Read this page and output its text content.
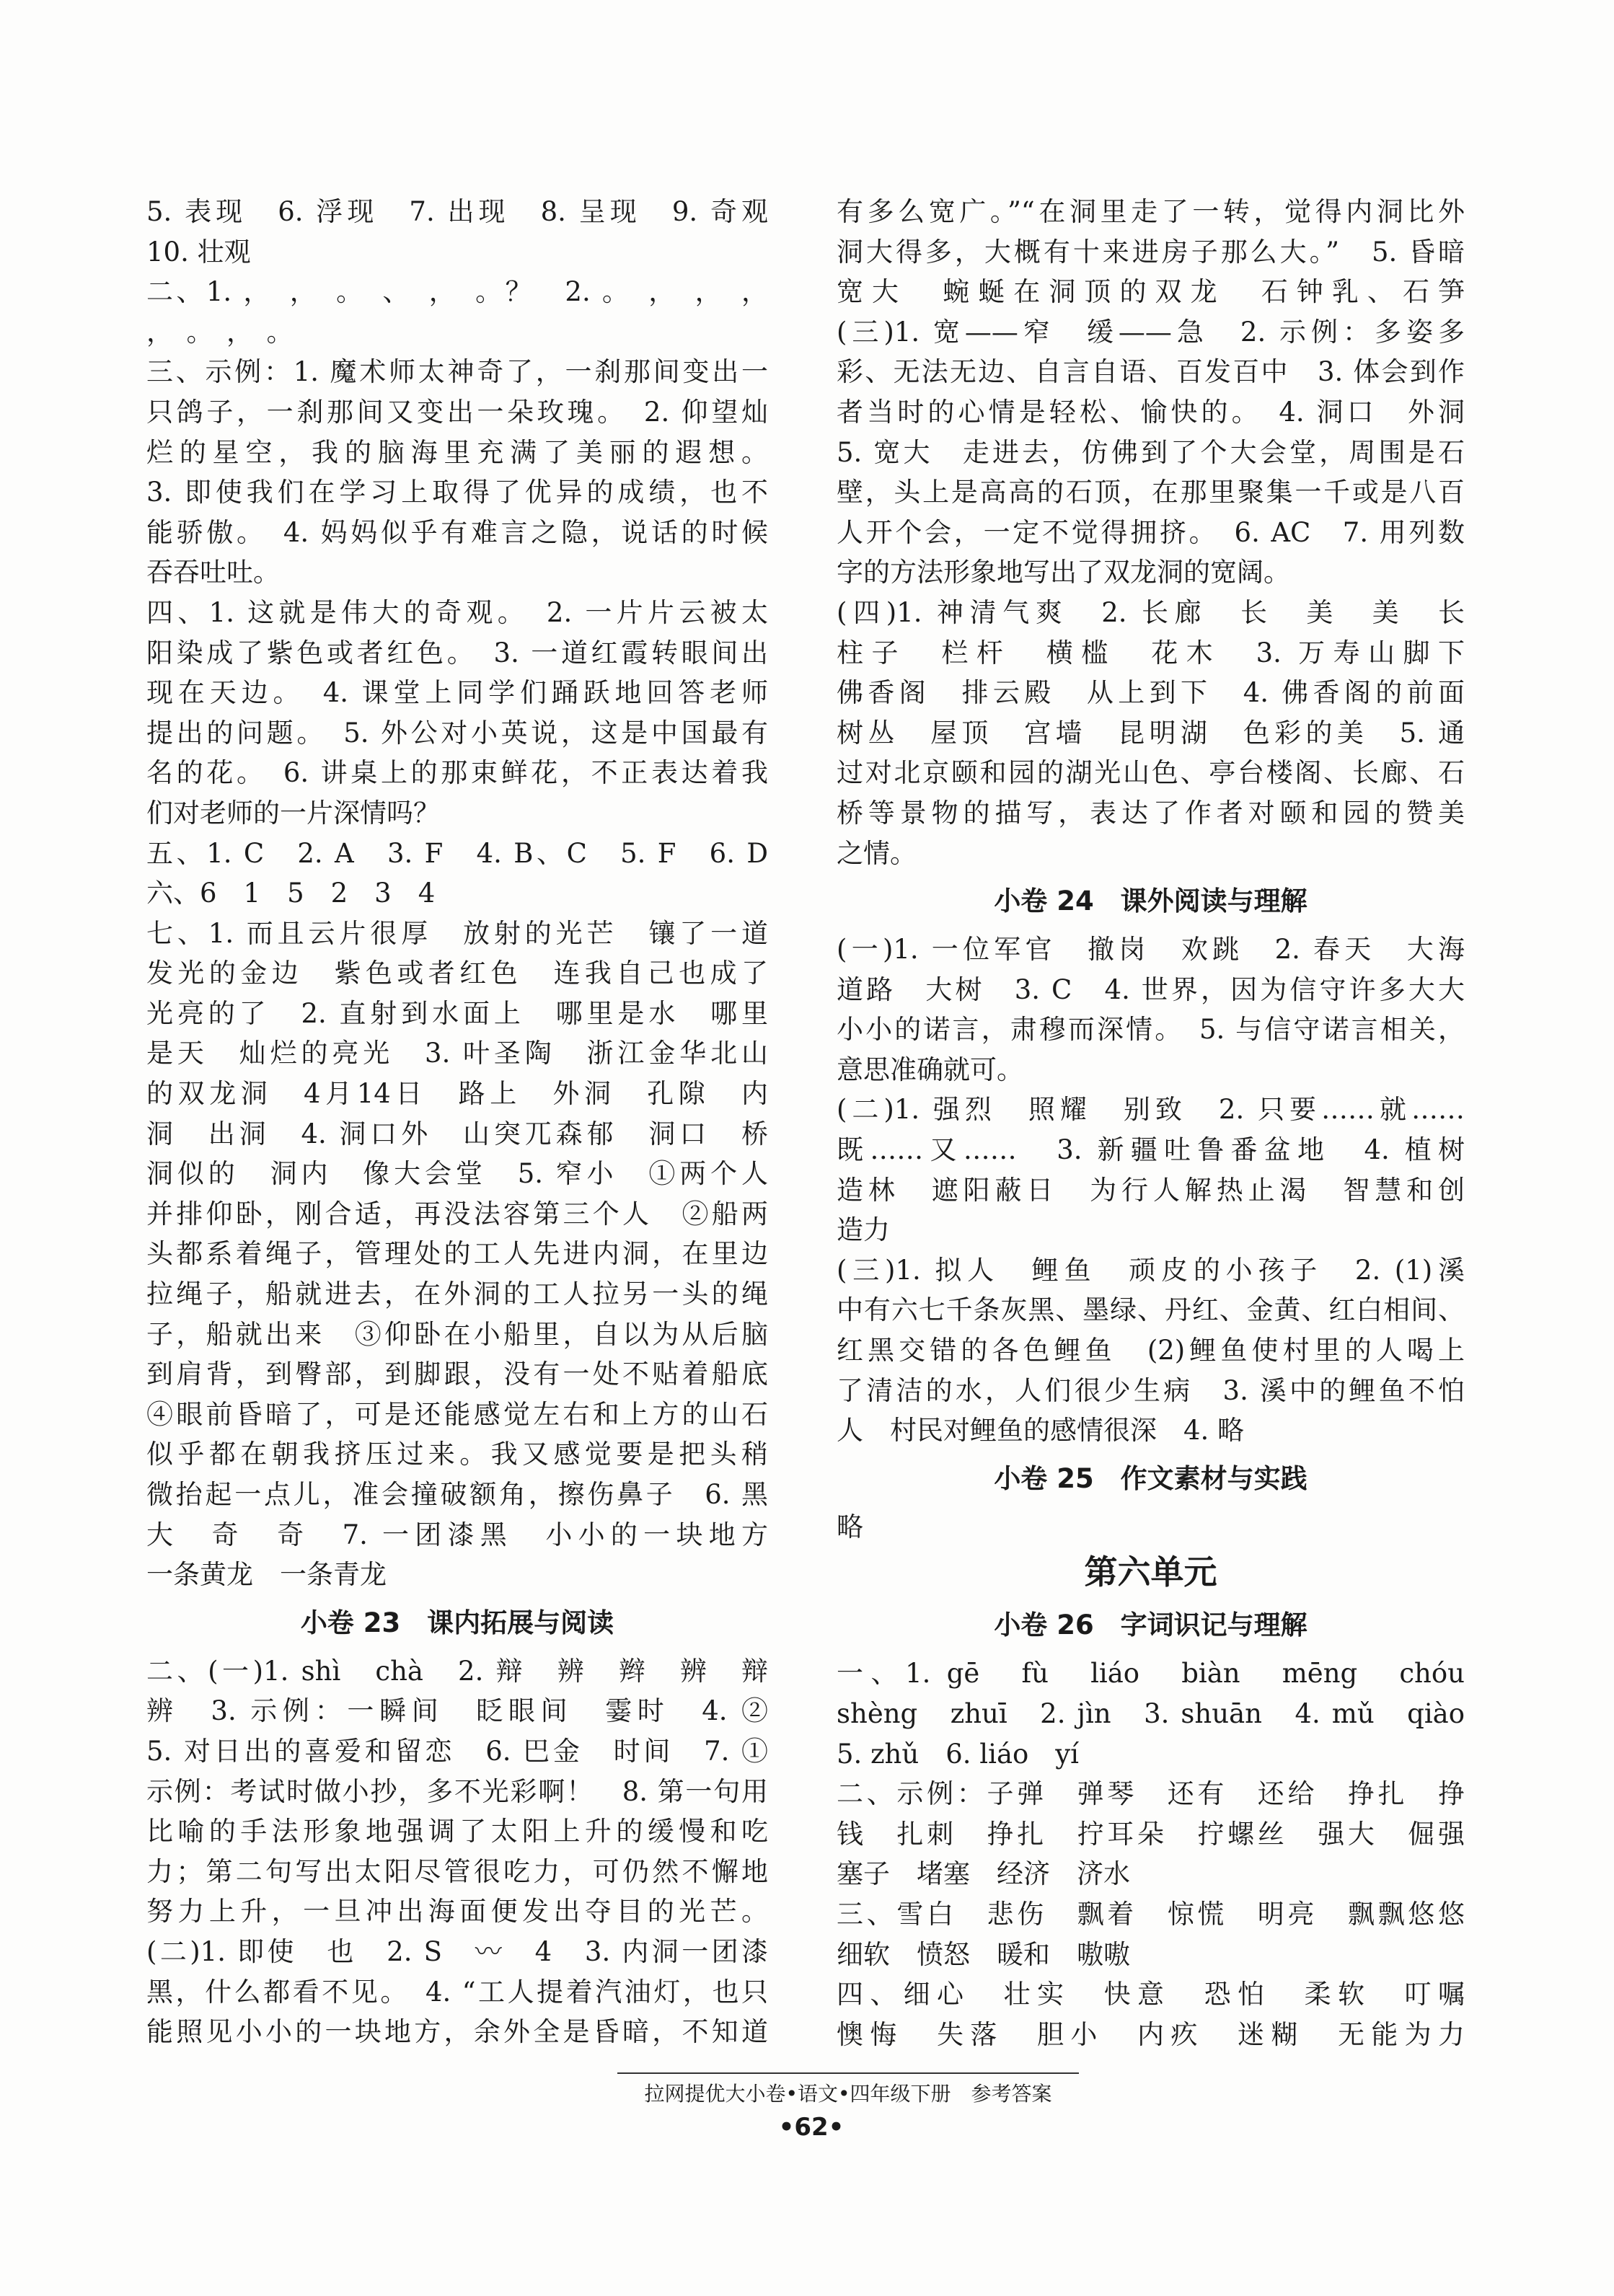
5. 表现　6. 浮现　7. 出现　8. 呈现　9. 奇观
10. 壮观
二、1. ，　，　。　、　，　。？　2. 。　，　，　，
，　。　，　。
三、示例：1. 魔术师太神奇了，一刹那间变出一
只鸽子，一刹那间又变出一朵玫瑰。　2. 仰望灿
烂的星空，我的脑海里充满了美丽的遐想。
3. 即使我们在学习上取得了优异的成绩，也不
能骄傲。　4. 妈妈似乎有难言之隐，说话的时候
吞吞吐吐。
四、1. 这就是伟大的奇观。　2. 一片片云被太
阳染成了紫色或者红色。　3. 一道红霞转眼间出
现在天边。　4. 课堂上同学们踊跃地回答老师
提出的问题。　5. 外公对小英说，这是中国最有
名的花。　6. 讲桌上的那束鲜花，不正表达着我
们对老师的一片深情吗？
五、1. C　2. A　3. F　4. B、C　5. F　6. D
六、6　1　5　2　3　4
七、1. 而且云片很厚　放射的光芒　镶了一道
发光的金边　紫色或者红色　连我自己也成了
光亮的了　2. 直射到水面上　哪里是水　哪里
是天　灿烂的亮光　3. 叶圣陶　浙江金华北山
的双龙洞　4月14日　路上　外洞　孔隙　内
洞　出洞　4. 洞口外　山突兀森郁　洞口　桥
洞似的　洞内　像大会堂　5. 窄小　①两个人
并排仰卧，刚合适，再没法容第三个人　②船两
头都系着绳子，管理处的工人先进内洞，在里边
拉绳子，船就进去，在外洞的工人拉另一头的绳
子，船就出来　③仰卧在小船里，自以为从后脑
到肩背，到臀部，到脚跟，没有一处不贴着船底
④眼前昏暗了，可是还能感觉左右和上方的山石
似乎都在朝我挤压过来。我又感觉要是把头稍
微抬起一点儿，准会撞破额角，擦伤鼻子　6. 黑
大　奇　奇　7. 一团漆黑　小小的一块地方
一条黄龙　一条青龙
小卷 23　课内拓展与阅读
二、(一)1. shì　chà　2. 辩　辨　辫　辨　辩
辨　3. 示例：一瞬间　眨眼间　霎时　4. ②
5. 对日出的喜爱和留恋　6. 巴金　时间　7. ①
示例：考试时做小抄，多不光彩啊！　8. 第一句用
比喻的手法形象地强调了太阳上升的缓慢和吃
力；第二句写出太阳尽管很吃力，可仍然不懈地
努力上升，一旦冲出海面便发出夺目的光芒。
(二)1. 即使　也　2. S　〰　4　3. 内洞一团漆
黑，什么都看不见。　4. “工人提着汽油灯，也只
能照见小小的一块地方，余外全是昏暗，不知道
有多么宽广。”“在洞里走了一转，觉得内洞比外
洞大得多，大概有十来进房子那么大。”　5. 昏暗
宽大　蜿蜒在洞顶的双龙　石钟乳、石笋
(三)1. 宽——窄　缓——急　2. 示例：多姿多
彩、无法无边、自言自语、百发百中　3. 体会到作
者当时的心情是轻松、愉快的。　4. 洞口　外洞
5. 宽大　走进去，仿佛到了个大会堂，周围是石
壁，头上是高高的石顶，在那里聚集一千或是八百
人开个会，一定不觉得拥挤。　6. AC　7. 用列数
字的方法形象地写出了双龙洞的宽阔。
(四)1. 神清气爽　2. 长廊　长　美　美　长
柱子　栏杆　横槛　花木　3. 万寿山脚下
佛香阁　排云殿　从上到下　4. 佛香阁的前面
树丛　屋顶　宫墙　昆明湖　色彩的美　5. 通
过对北京颐和园的湖光山色、亭台楼阁、长廊、石
桥等景物的描写，表达了作者对颐和园的赞美
之情。
小卷 24　课外阅读与理解
(一)1. 一位军官　撤岗　欢跳　2. 春天　大海
道路　大树　3. C　4. 世界，因为信守许多大大
小小的诺言，肃穆而深情。　5. 与信守诺言相关，
意思准确就可。
(二)1. 强烈　照耀　别致　2. 只要……就……
既……又……　3. 新疆吐鲁番盆地　4. 植树
造林　遮阳蔽日　为行人解热止渴　智慧和创
造力
(三)1. 拟人　鲤鱼　顽皮的小孩子　2. (1)溪
中有六七千条灰黑、墨绿、丹红、金黄、红白相间、
红黑交错的各色鲤鱼　(2)鲤鱼使村里的人喝上
了清洁的水，人们很少生病　3. 溪中的鲤鱼不怕
人　村民对鲤鱼的感情很深　4. 略
小卷 25　作文素材与实践
略
第六单元
小卷 26　字词识记与理解
一、1. gē　fù　liáo　biàn　mēng　chóu
shèng　zhuī　2. jìn　3. shuān　4. mǔ　qiào
5. zhǔ　6. liáo　yí
二、示例：子弹　弹琴　还有　还给　挣扎　挣
钱　扎刺　挣扎　拧耳朵　拧螺丝　强大　倔强
塞子　堵塞　经济　济水
三、雪白　悲伤　飘着　惊慌　明亮　飘飘悠悠
细软　愤怒　暖和　嗷嗷
四、细心　壮实　快意　恐怕　柔软　叮嘱
懊悔　失落　胆小　内疚　迷糊　无能为力
拉网提优大小卷•语文•四年级下册　参考答案
•62•
